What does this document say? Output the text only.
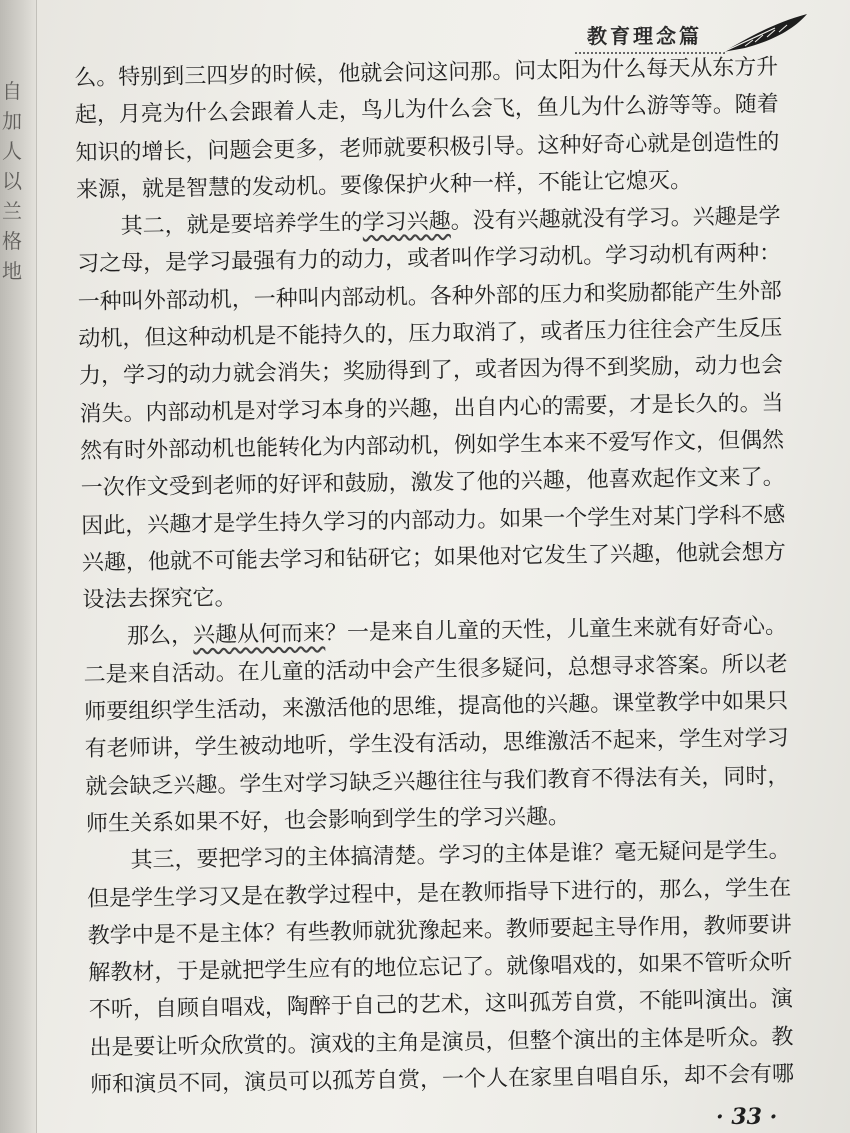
自加
人以
兰格
地
教育理念篇
么。特别到三四岁的时候，他就会问这问那。问太阳为什么每天从东方升
起，月亮为什么会跟着人走，鸟儿为什么会飞，鱼儿为什么游等等。随着
知识的增长，问题会更多，老师就要积极引导。这种好奇心就是创造性的
来源，就是智慧的发动机。要像保护火种一样，不能让它熄灭。
其二，就是要培养学生的学习兴趣。没有兴趣就没有学习。兴趣是学
习之母，是学习最强有力的动力，或者叫作学习动机。学习动机有两种：
一种叫外部动机，一种叫内部动机。各种外部的压力和奖励都能产生外部
动机，但这种动机是不能持久的，压力取消了，或者压力往往会产生反压
力，学习的动力就会消失；奖励得到了，或者因为得不到奖励，动力也会
消失。内部动机是对学习本身的兴趣，出自内心的需要，才是长久的。当
然有时外部动机也能转化为内部动机，例如学生本来不爱写作文，但偶然
一次作文受到老师的好评和鼓励，激发了他的兴趣，他喜欢起作文来了。
因此，兴趣才是学生持久学习的内部动力。如果一个学生对某门学科不感
兴趣，他就不可能去学习和钻研它；如果他对它发生了兴趣，他就会想方
设法去探究它。
那么，兴趣从何而来？一是来自儿童的天性，儿童生来就有好奇心。
二是来自活动。在儿童的活动中会产生很多疑问，总想寻求答案。所以老
师要组织学生活动，来激活他的思维，提高他的兴趣。课堂教学中如果只
有老师讲，学生被动地听，学生没有活动，思维激活不起来，学生对学习
就会缺乏兴趣。学生对学习缺乏兴趣往往与我们教育不得法有关，同时，
师生关系如果不好，也会影响到学生的学习兴趣。
其三，要把学习的主体搞清楚。学习的主体是谁？毫无疑问是学生。
但是学生学习又是在教学过程中，是在教师指导下进行的，那么，学生在
教学中是不是主体？有些教师就犹豫起来。教师要起主导作用，教师要讲
解教材，于是就把学生应有的地位忘记了。就像唱戏的，如果不管听众听
不听，自顾自唱戏，陶醉于自己的艺术，这叫孤芳自赏，不能叫演出。演
出是要让听众欣赏的。演戏的主角是演员，但整个演出的主体是听众。教
师和演员不同，演员可以孤芳自赏，一个人在家里自唱自乐，却不会有哪
· 33 ·
